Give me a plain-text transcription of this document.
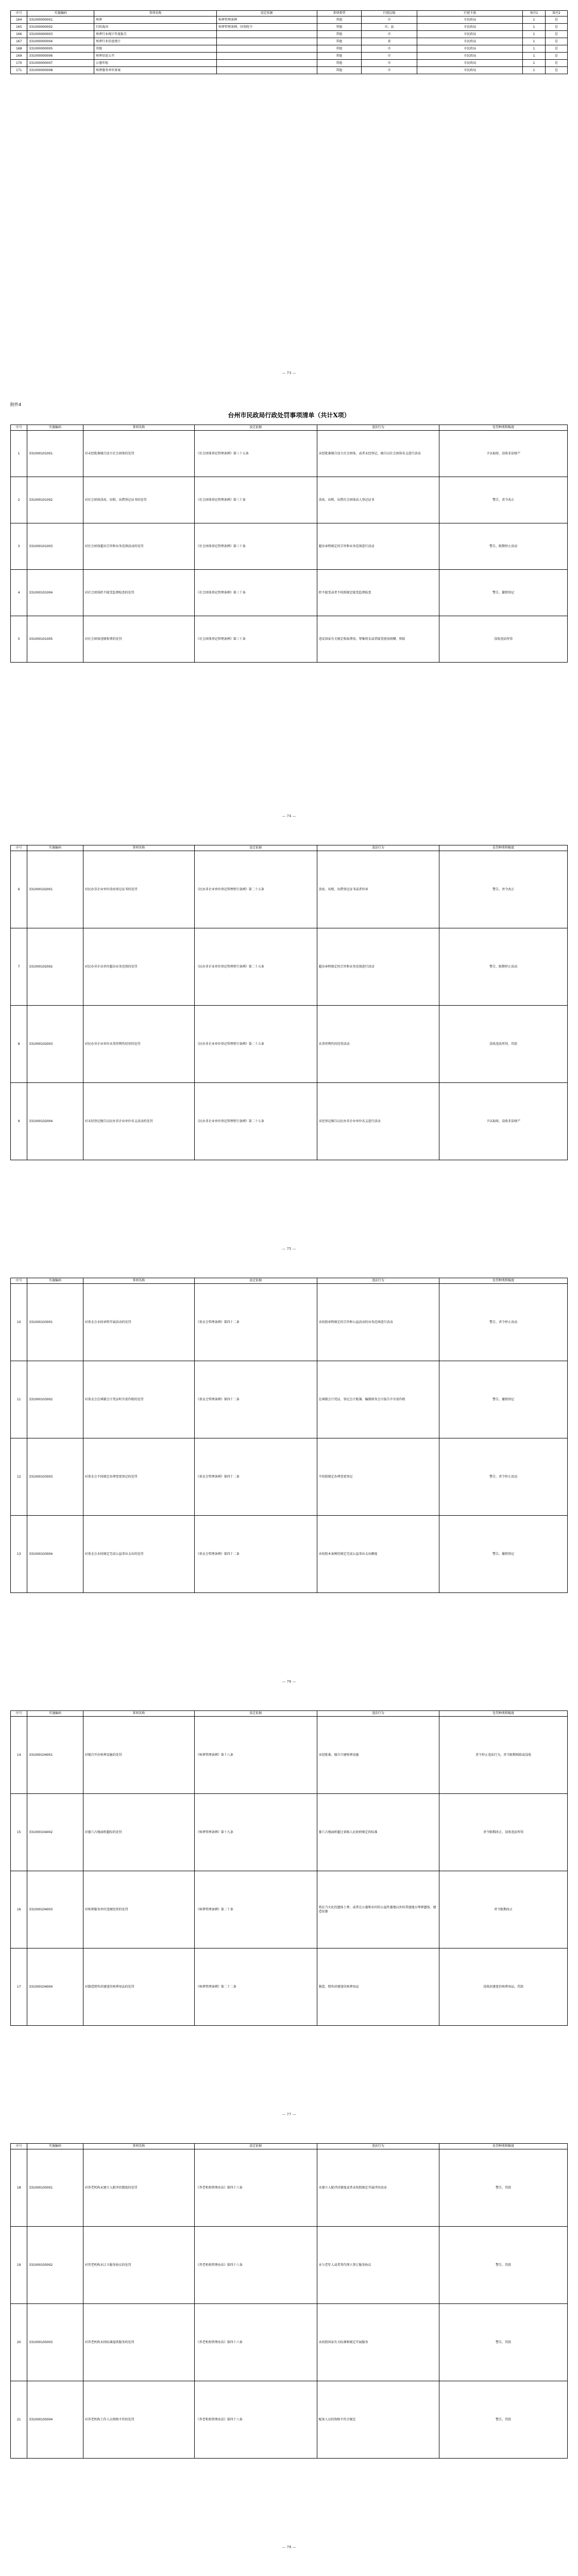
序号	实施编码	事项名称	设定依据	事项类型	行使层级	行使主体	备注1	备注2
164	331000000001	殡葬	殡葬管理条例	其他	市	市民政局	1	是
165	331000000002	行政裁决	殡葬管理条例，国务院令	其他	市、县	市民政局	1	是
166	331000000003	殡葬行业统计年度报告		其他	市	市民政局	1	是
167	331000000004	殡葬行业信息统计		其他	省	市民政局	1	是
168	331000000005	其他		其他	市	市民政局	1	是
169	331000000006	殡葬信息公开		其他	市	市民政局	1	是
170	331000000007	公墓年检		其他	市	市民政局	1	是
171	331000000008	殡葬服务单位备案		其他	市	市民政局	1	是
— 73 —
附件4
台州市民政局行政处罚事项清单（共计X项）
序号	实施编码	事项名称	设定依据	违法行为	处罚种类和幅度
1	331000101001	对未经批准擅自设立社会团体的处罚	《社会团体登记管理条例》第三十五条	未经批准擅自设立社会团体，或者未经登记，擅自以社会团体名义进行活动	予以取缔，没收非法财产
2	331000101002	对社会团体涂改、出租、出借登记证书的处罚	《社会团体登记管理条例》第三十条	涂改、出租、出借社会团体法人登记证书	警告，责令改正
3	331000101003	对社会团体超出宗旨和业务范围活动的处罚	《社会团体登记管理条例》第三十条	超出章程规定的宗旨和业务范围进行活动	警告，限期停止活动
4	331000101004	对社会团体拒不接受监督检查的处罚	《社会团体登记管理条例》第三十条	拒不接受或者不按照规定接受监督检查	警告，撤销登记
5	331000101005	对社会团体违规收费的处罚	《社会团体登记管理条例》第三十条	违反国家有关规定收取费用、筹集资金或者接受使用捐赠、资助	没收违法所得
— 74 —
序号	实施编码	事项名称	设定依据	违法行为	处罚种类和幅度
6	331000102001	对民办非企业单位涂改登记证书的处罚	《民办非企业单位登记管理暂行条例》第二十五条	涂改、出租、出借登记证书或者印章	警告，责令改正
7	331000102002	对民办非企业单位超出业务范围的处罚	《民办非企业单位登记管理暂行条例》第二十五条	超出章程规定的宗旨和业务范围进行活动	警告，限期停止活动
8	331000102003	对民办非企业单位从事营利性经营的处罚	《民办非企业单位登记管理暂行条例》第二十五条	从事营利性的经营活动	没收违法所得，罚款
9	331000102004	对未经登记擅自以民办非企业单位名义活动的处罚	《民办非企业单位登记管理暂行条例》第二十七条	未经登记擅自以民办非企业单位名义进行活动	予以取缔，没收非法财产
— 75 —
序号	实施编码	事项名称	设定依据	违法行为	处罚种类和幅度
10	331000103001	对基金会未按章程开展活动的处罚	《基金会管理条例》第四十二条	未按照章程规定的宗旨和公益活动的业务范围进行活动	警告，责令停止活动
11	331000103002	对基金会在填制会计凭证时弄虚作假的处罚	《基金会管理条例》第四十二条	在填制会计凭证、登记会计账簿、编制财务会计报告中弄虚作假	警告，撤销登记
12	331000103003	对基金会不按规定办理变更登记的处罚	《基金会管理条例》第四十二条	不按照规定办理变更登记	警告，责令停止活动
13	331000103004	对基金会未按规定完成公益事业支出的处罚	《基金会管理条例》第四十二条	未按照本条例的规定完成公益事业支出额度	警告，撤销登记
— 76 —
序号	实施编码	事项名称	设定依据	违法行为	处罚种类和幅度
14	331000104001	对擅自开办殡葬设施的处罚	《殡葬管理条例》第十八条	未经批准，擅自兴建殡葬设施	责令停止违法行为，责令限期拆除或没收
15	331000104002	对墓穴占地面积超标的处罚	《殡葬管理条例》第十九条	墓穴占地面积超过省级人民政府规定的标准	责令限期改正，没收违法所得
16	331000104003	对殡葬服务单位违规经营的处罚	《殡葬管理条例》第二十条	将应当火化的遗体土葬，或者在公墓和农村的公益性墓地以外的其他地方埋葬遗体、建造坟墓	责令限期改正
17	331000104004	对制造销售封建迷信殡葬用品的处罚	《殡葬管理条例》第二十二条	制造、销售封建迷信殡葬用品	没收封建迷信殡葬用品，罚款
— 77 —
序号	实施编码	事项名称	设定依据	违法行为	处罚种类和幅度
18	331000105001	对养老机构未建立入院评估制度的处罚	《养老机构管理办法》第四十六条	未建立入院评估制度或者未按照规定开展评估活动	警告，罚款
19	331000105002	对养老机构未订立服务协议的处罚	《养老机构管理办法》第四十六条	未与老年人或者其代理人签订服务协议	警告，罚款
20	331000105003	对养老机构未按标准提供服务的处罚	《养老机构管理办法》第四十六条	未按照国家有关标准和规定开展服务	警告，罚款
21	331000105004	对养老机构工作人员资格不符的处罚	《养老机构管理办法》第四十六条	配备人员的资格不符合规定	警告，罚款
— 78 —
